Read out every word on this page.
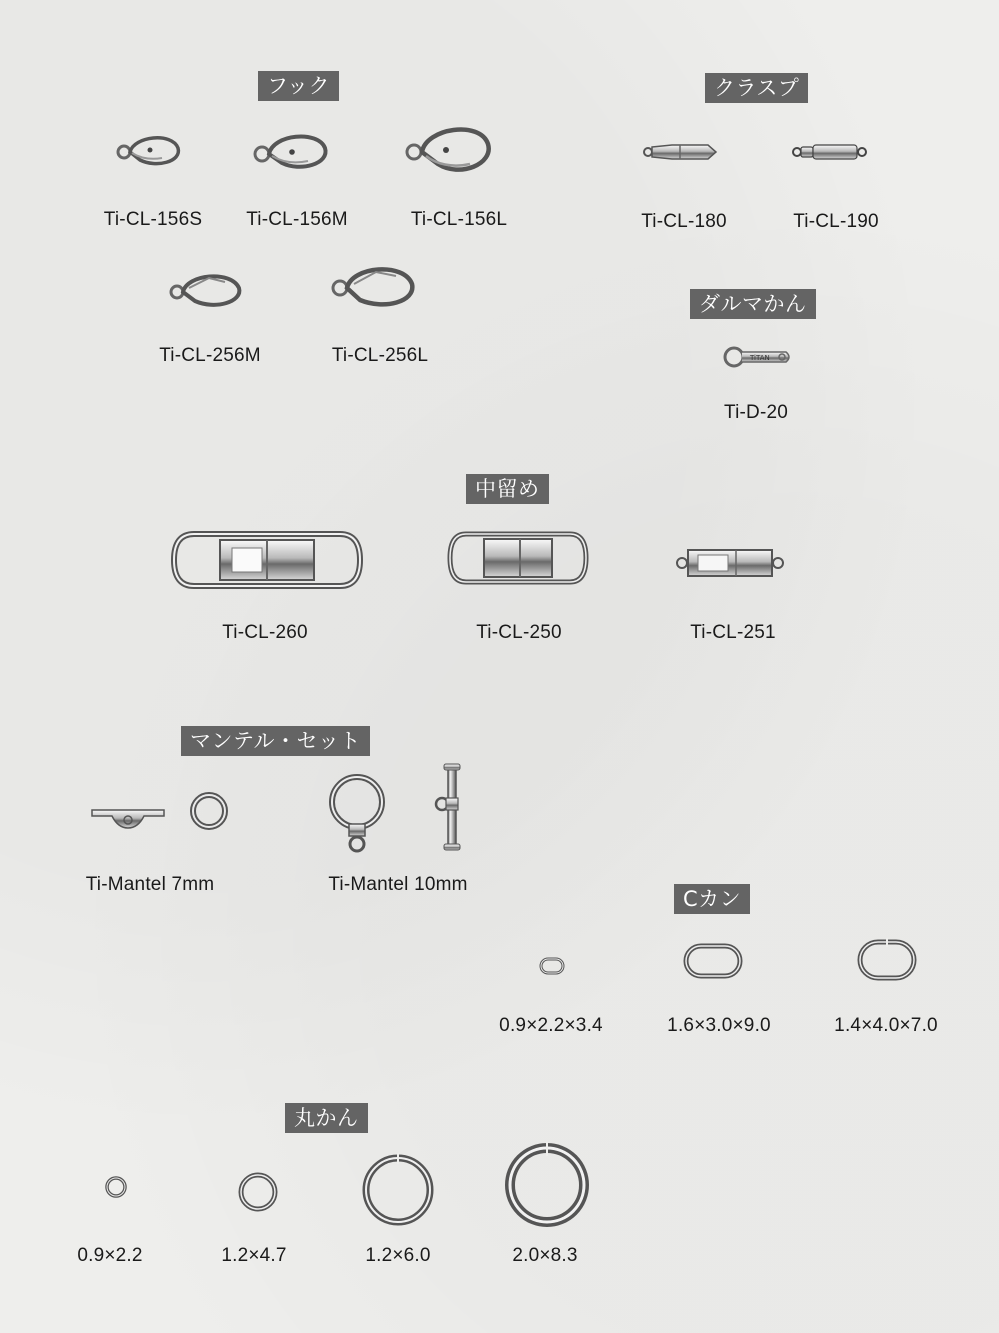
フック
Ti-CL-156S Ti-CL-156M	Ti-CL-156L
Ti-CL-256M	Ti-CL-256L
クラスプ
Ti-CL-180	Ti-CL-190
ダルマかん
TiTAN
Ti-D-20
中留め
Ti-CL-260	Ti-CL-250	Ti-CL-251
マンテル・セット
Ti-Mantel 7mm	Ti-Mantel 10mm
Cカン
0.9×2.2×3.4	1.6×3.0×9.0	1.4×4.0×7.0
丸かん
0.9×2.2	1.2×4.7	1.2×6.0	2.0×8.3
